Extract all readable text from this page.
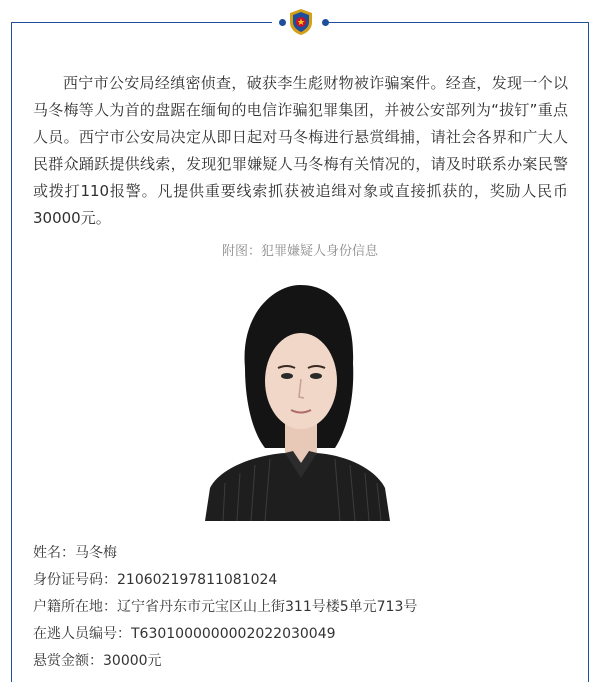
西宁市公安局经缜密侦查，破获李生彪财物被诈骗案件。经查，发现一个以马冬梅等人为首的盘踞在缅甸的电信诈骗犯罪集团，并被公安部列为“拔钉”重点人员。西宁市公安局决定从即日起对马冬梅进行悬赏缉捕，请社会各界和广大人民群众踊跃提供线索，发现犯罪嫌疑人马冬梅有关情况的，请及时联系办案民警或拨打110报警。凡提供重要线索抓获被追缉对象或直接抓获的，奖励人民币30000元。

附图：犯罪嫌疑人身份信息
姓名：马冬梅
身份证号码：210602197811081024
户籍所在地：辽宁省丹东市元宝区山上街311号楼5单元713号
在逃人员编号：T6301000000002022030049
悬赏金额：30000元
